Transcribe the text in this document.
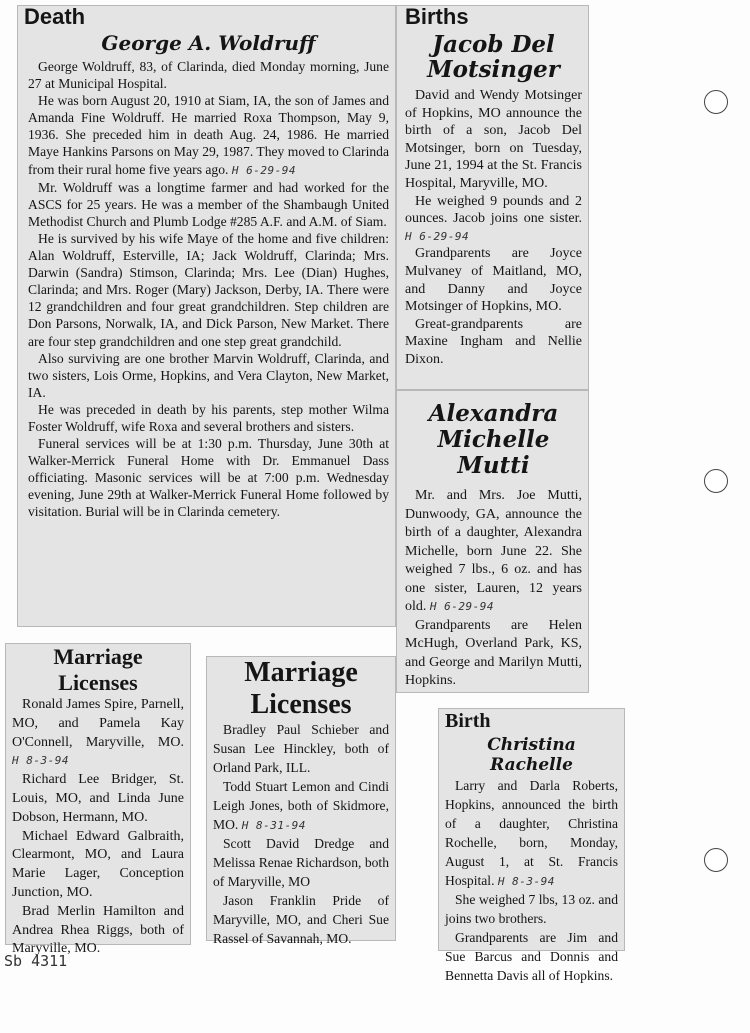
Death
George A. Woldruff

George Woldruff, 83, of Clarinda, died Monday morning, June 27 at Municipal Hospital.

He was born August 20, 1910 at Siam, IA, the son of James and Amanda Fine Woldruff. He married Roxa Thompson, May 9, 1936. She preceded him in death Aug. 24, 1986. He married Maye Hankins Parsons on May 29, 1987. They moved to Clarinda from their rural home five years ago. H 6-29-94

Mr. Woldruff was a longtime farmer and had worked for the ASCS for 25 years. He was a member of the Shambaugh United Methodist Church and Plumb Lodge #285 A.F. and A.M. of Siam.

He is survived by his wife Maye of the home and five children: Alan Woldruff, Esterville, IA; Jack Woldruff, Clarinda; Mrs. Darwin (Sandra) Stimson, Clarinda; Mrs. Lee (Dian) Hughes, Clarinda; and Mrs. Roger (Mary) Jackson, Derby, IA. There were 12 grandchildren and four great grandchildren. Step children are Don Parsons, Norwalk, IA, and Dick Parson, New Market. There are four step grandchildren and one step great grandchild.

Also surviving are one brother Marvin Woldruff, Clarinda, and two sisters, Lois Orme, Hopkins, and Vera Clayton, New Market, IA.

He was preceded in death by his parents, step mother Wilma Foster Woldruff, wife Roxa and several brothers and sisters.

Funeral services will be at 1:30 p.m. Thursday, June 30th at Walker-Merrick Funeral Home with Dr. Emmanuel Dass officiating. Masonic services will be at 7:00 p.m. Wednesday evening, June 29th at Walker-Merrick Funeral Home followed by visitation. Burial will be in Clarinda cemetery.

Births
Jacob Del Motsinger

David and Wendy Motsinger of Hopkins, MO announce the birth of a son, Jacob Del Motsinger, born on Tuesday, June 21, 1994 at the St. Francis Hospital, Maryville, MO.

He weighed 9 pounds and 2 ounces. Jacob joins one sister. H 6-29-94

Grandparents are Joyce Mulvaney of Maitland, MO, and Danny and Joyce Motsinger of Hopkins, MO.

Great-grandparents are Maxine Ingham and Nellie Dixon.

Alexandra
Michelle
Mutti

Mr. and Mrs. Joe Mutti, Dunwoody, GA, announce the birth of a daughter, Alexandra Michelle, born June 22. She weighed 7 lbs., 6 oz. and has one sister, Lauren, 12 years old. H 6-29-94

Grandparents are Helen McHugh, Overland Park, KS, and George and Marilyn Mutti, Hopkins.

Marriage
Licenses

Ronald James Spire, Parnell, MO, and Pamela Kay O'Connell, Maryville, MO. H 8-3-94

Richard Lee Bridger, St. Louis, MO, and Linda June Dobson, Hermann, MO.

Michael Edward Galbraith, Clearmont, MO, and Laura Marie Lager, Conception Junction, MO.

Brad Merlin Hamilton and Andrea Rhea Riggs, both of Maryville, MO.

Marriage
Licenses

Bradley Paul Schieber and Susan Lee Hinckley, both of Orland Park, ILL.

Todd Stuart Lemon and Cindi Leigh Jones, both of Skidmore, MO. H 8-31-94

Scott David Dredge and Melissa Renae Richardson, both of Maryville, MO

Jason Franklin Pride of Maryville, MO, and Cheri Sue Rassel of Savannah, MO.

Birth
Christina Rachelle

Larry and Darla Roberts, Hopkins, announced the birth of a daughter, Christina Rochelle, born, Monday, August 1, at St. Francis Hospital. H 8-3-94

She weighed 7 lbs, 13 oz. and joins two brothers.

Grandparents are Jim and Sue Barcus and Donnis and Bennetta Davis all of Hopkins.

Sb 4311
